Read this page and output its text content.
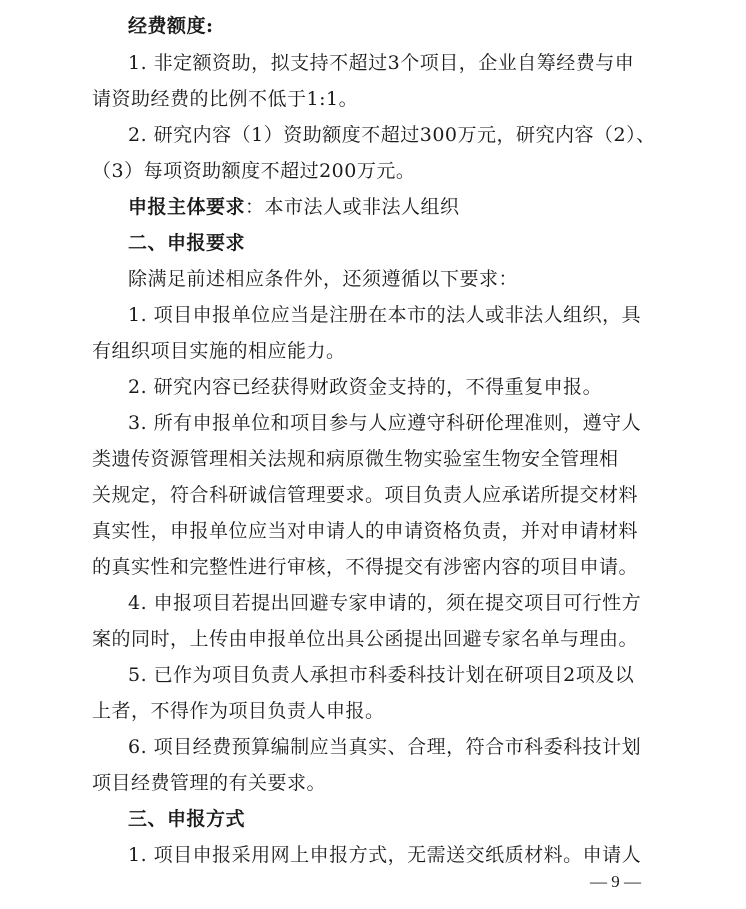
经费额度:
1. 非定额资助，拟支持不超过3个项目，企业自筹经费与申
请资助经费的比例不低于1:1。
2. 研究内容（1）资助额度不超过300万元，研究内容（2）、
（3）每项资助额度不超过200万元。
申报主体要求：本市法人或非法人组织
二、申报要求
除满足前述相应条件外，还须遵循以下要求：
1. 项目申报单位应当是注册在本市的法人或非法人组织，具
有组织项目实施的相应能力。
2. 研究内容已经获得财政资金支持的，不得重复申报。
3. 所有申报单位和项目参与人应遵守科研伦理准则，遵守人
类遗传资源管理相关法规和病原微生物实验室生物安全管理相
关规定，符合科研诚信管理要求。项目负责人应承诺所提交材料
真实性，申报单位应当对申请人的申请资格负责，并对申请材料
的真实性和完整性进行审核，不得提交有涉密内容的项目申请。
4. 申报项目若提出回避专家申请的，须在提交项目可行性方
案的同时，上传由申报单位出具公函提出回避专家名单与理由。
5. 已作为项目负责人承担市科委科技计划在研项目2项及以
上者，不得作为项目负责人申报。
6. 项目经费预算编制应当真实、合理，符合市科委科技计划
项目经费管理的有关要求。
三、申报方式
1. 项目申报采用网上申报方式，无需送交纸质材料。申请人
— 9 —
